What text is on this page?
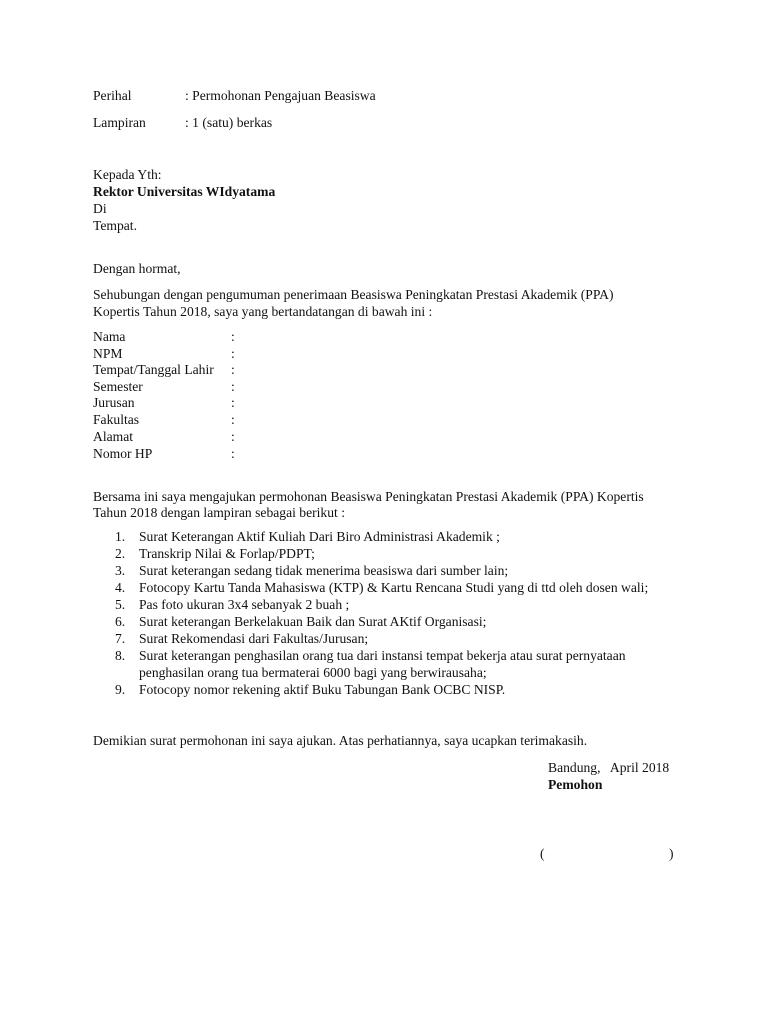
Perihal	: Permohonan Pengajuan Beasiswa
Lampiran	: 1 (satu) berkas
Kepada Yth:
Rektor Universitas WIdyatama
Di
Tempat.
Dengan hormat,
Sehubungan dengan pengumuman penerimaan Beasiswa Peningkatan Prestasi Akademik (PPA)
Kopertis Tahun 2018, saya yang bertandatangan di bawah ini :
Nama	:
NPM	:
Tempat/Tanggal Lahir :
Semester	:
Jurusan	:
Fakultas	:
Alamat	:
Nomor HP	:
Bersama ini saya mengajukan permohonan Beasiswa Peningkatan Prestasi Akademik (PPA) Kopertis
Tahun 2018 dengan lampiran sebagai berikut :
1. Surat Keterangan Aktif Kuliah Dari Biro Administrasi Akademik ;
2. Transkrip Nilai & Forlap/PDPT;
3. Surat keterangan sedang tidak menerima beasiswa dari sumber lain;
4. Fotocopy Kartu Tanda Mahasiswa (KTP) & Kartu Rencana Studi yang di ttd oleh dosen wali;
5. Pas foto ukuran 3x4 sebanyak 2 buah ;
6. Surat keterangan Berkelakuan Baik dan Surat AKtif Organisasi;
7. Surat Rekomendasi dari Fakultas/Jurusan;
8. Surat keterangan penghasilan orang tua dari instansi tempat bekerja atau surat pernyataan penghasilan orang tua bermaterai 6000 bagi yang berwirausaha;
9. Fotocopy nomor rekening aktif Buku Tabungan Bank OCBC NISP.
Demikian surat permohonan ini saya ajukan. Atas perhatiannya, saya ucapkan terimakasih.
Bandung,   April 2018
Pemohon
(	)
